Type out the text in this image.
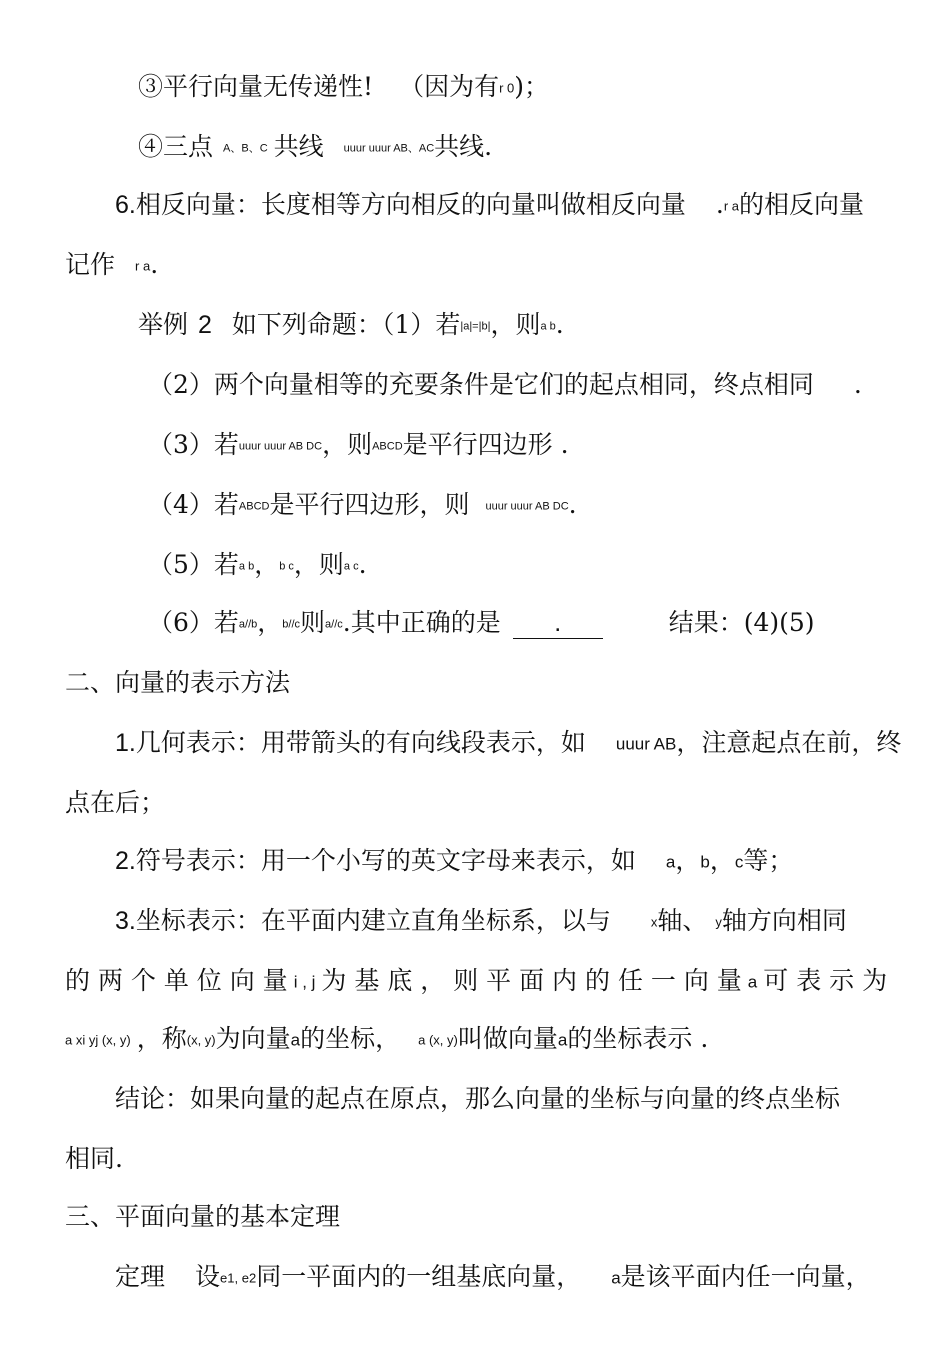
③平行向量无传递性! （因为有r 0)；
④三点 A、B、C 共线 uuur uuur AB、AC共线.
6.相反向量：长度相等方向相反的向量叫做相反向量 .r a的相反向量
记作 r a.
举例 2 如下列命题：（1）若|a|=|b|，则a b.
（2）两个向量相等的充要条件是它们的起点相同，终点相同 .
（3）若uuur uuur AB DC，则ABCD是平行四边形 .
（4）若ABCD是平行四边形，则 uuur uuur AB DC.
（5）若a b，b c，则a c.
（6）若a//b，b//c则a//c.其中正确的是 .	结果：(4)(5)
二、向量的表示方法
1.几何表示：用带箭头的有向线段表示，如 uuur AB，注意起点在前，终
点在后；
2.符号表示：用一个小写的英文字母来表示，如 a，b，c等；
3.坐标表示：在平面内建立直角坐标系，以与	x轴、 y轴方向相同
的 两 个 单 位 向 量 i , j 为 基 底 ， 则 平 面 内 的 任 一 向 量 a 可 表 示 为
a xi yj (x, y) ，称(x, y)为向量a的坐标， a (x, y)叫做向量a的坐标表示 .
结论：如果向量的起点在原点，那么向量的坐标与向量的终点坐标
相同.
三、平面向量的基本定理
定理 设e1, e2同一平面内的一组基底向量， a是该平面内任一向量，
